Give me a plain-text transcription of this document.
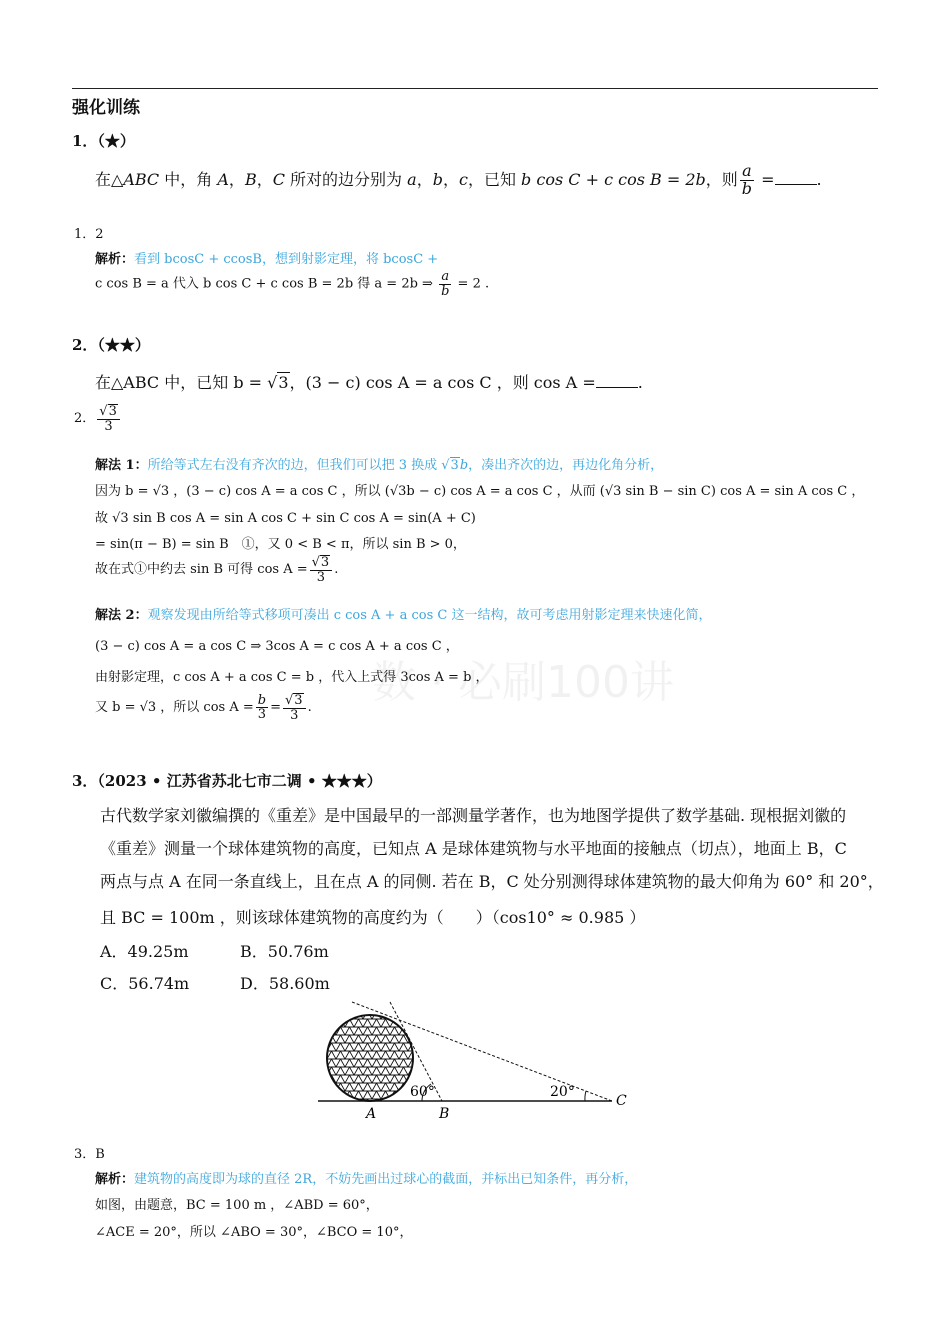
数 · 必刷100讲
强化训练
1．（★）
在△ABC 中，角 A，B，C 所对的边分别为 a，b，c，已知 b cos C + c cos B = 2b，则 $\frac{a}{b}$ =	.
1．2
解析：看到 bcosC + ccosB，想到射影定理，将 bcosC +
c cos B = a 代入 b cos C + c cos B = 2b 得 a = 2b ⇒ $\frac{a}{b} = 2$ .
2．（★★）
在△ABC 中，已知 b = √3，(3 − c) cos A = a cos C ，则 cos A =	.
2． $\frac{√3}{3}$
解法 1：所给等式左右没有齐次的边，但我们可以把 3 换成 √3b，凑出齐次的边，再边化角分析，
因为 b = √3 ，(3 − c) cos A = a cos C ，所以 (√3b − c) cos A = a cos C ，从而 (√3 sin B − sin C) cos A = sin A cos C ，
故 √3 sin B cos A = sin A cos C + sin C cos A = sin(A + C)
= sin(π − B) = sin B　①，又 0 < B < π，所以 sin B > 0，
故在式①中约去 sin B 可得 $\cos A = \frac{√3}{3}$ .
解法 2：观察发现由所给等式移项可凑出 c cos A + a cos C 这一结构，故可考虑用射影定理来快速化简，
(3 − c) cos A = a cos C ⇒ 3cos A = c cos A + a cos C ，
由射影定理，c cos A + a cos C = b ，代入上式得 3cos A = b ，
又 b = √3 ，所以 $\cos A = \frac{b}{3} = \frac{√3}{3}$ .
3．（2023 • 江苏省苏北七市二调 • ★★★）
古代数学家刘徽编撰的《重差》是中国最早的一部测量学著作，也为地图学提供了数学基础. 现根据刘徽的
《重差》测量一个球体建筑物的高度，已知点 A 是球体建筑物与水平地面的接触点（切点），地面上 B，C
两点与点 A 在同一条直线上，且在点 A 的同侧. 若在 B，C 处分别测得球体建筑物的最大仰角为 60° 和 20°，
且 BC = 100m ，则该球体建筑物的高度约为（　　）（cos10° ≈ 0.985 ）
A．49.25m	B．50.76m
C．56.74m	D．58.60m
60°	20°
A	B
C
3．B
解析：建筑物的高度即为球的直径 2R，不妨先画出过球心的截面，并标出已知条件，再分析，
如图，由题意，BC = 100 m ，∠ABD = 60°，
∠ACE = 20°，所以 ∠ABO = 30°，∠BCO = 10°，
